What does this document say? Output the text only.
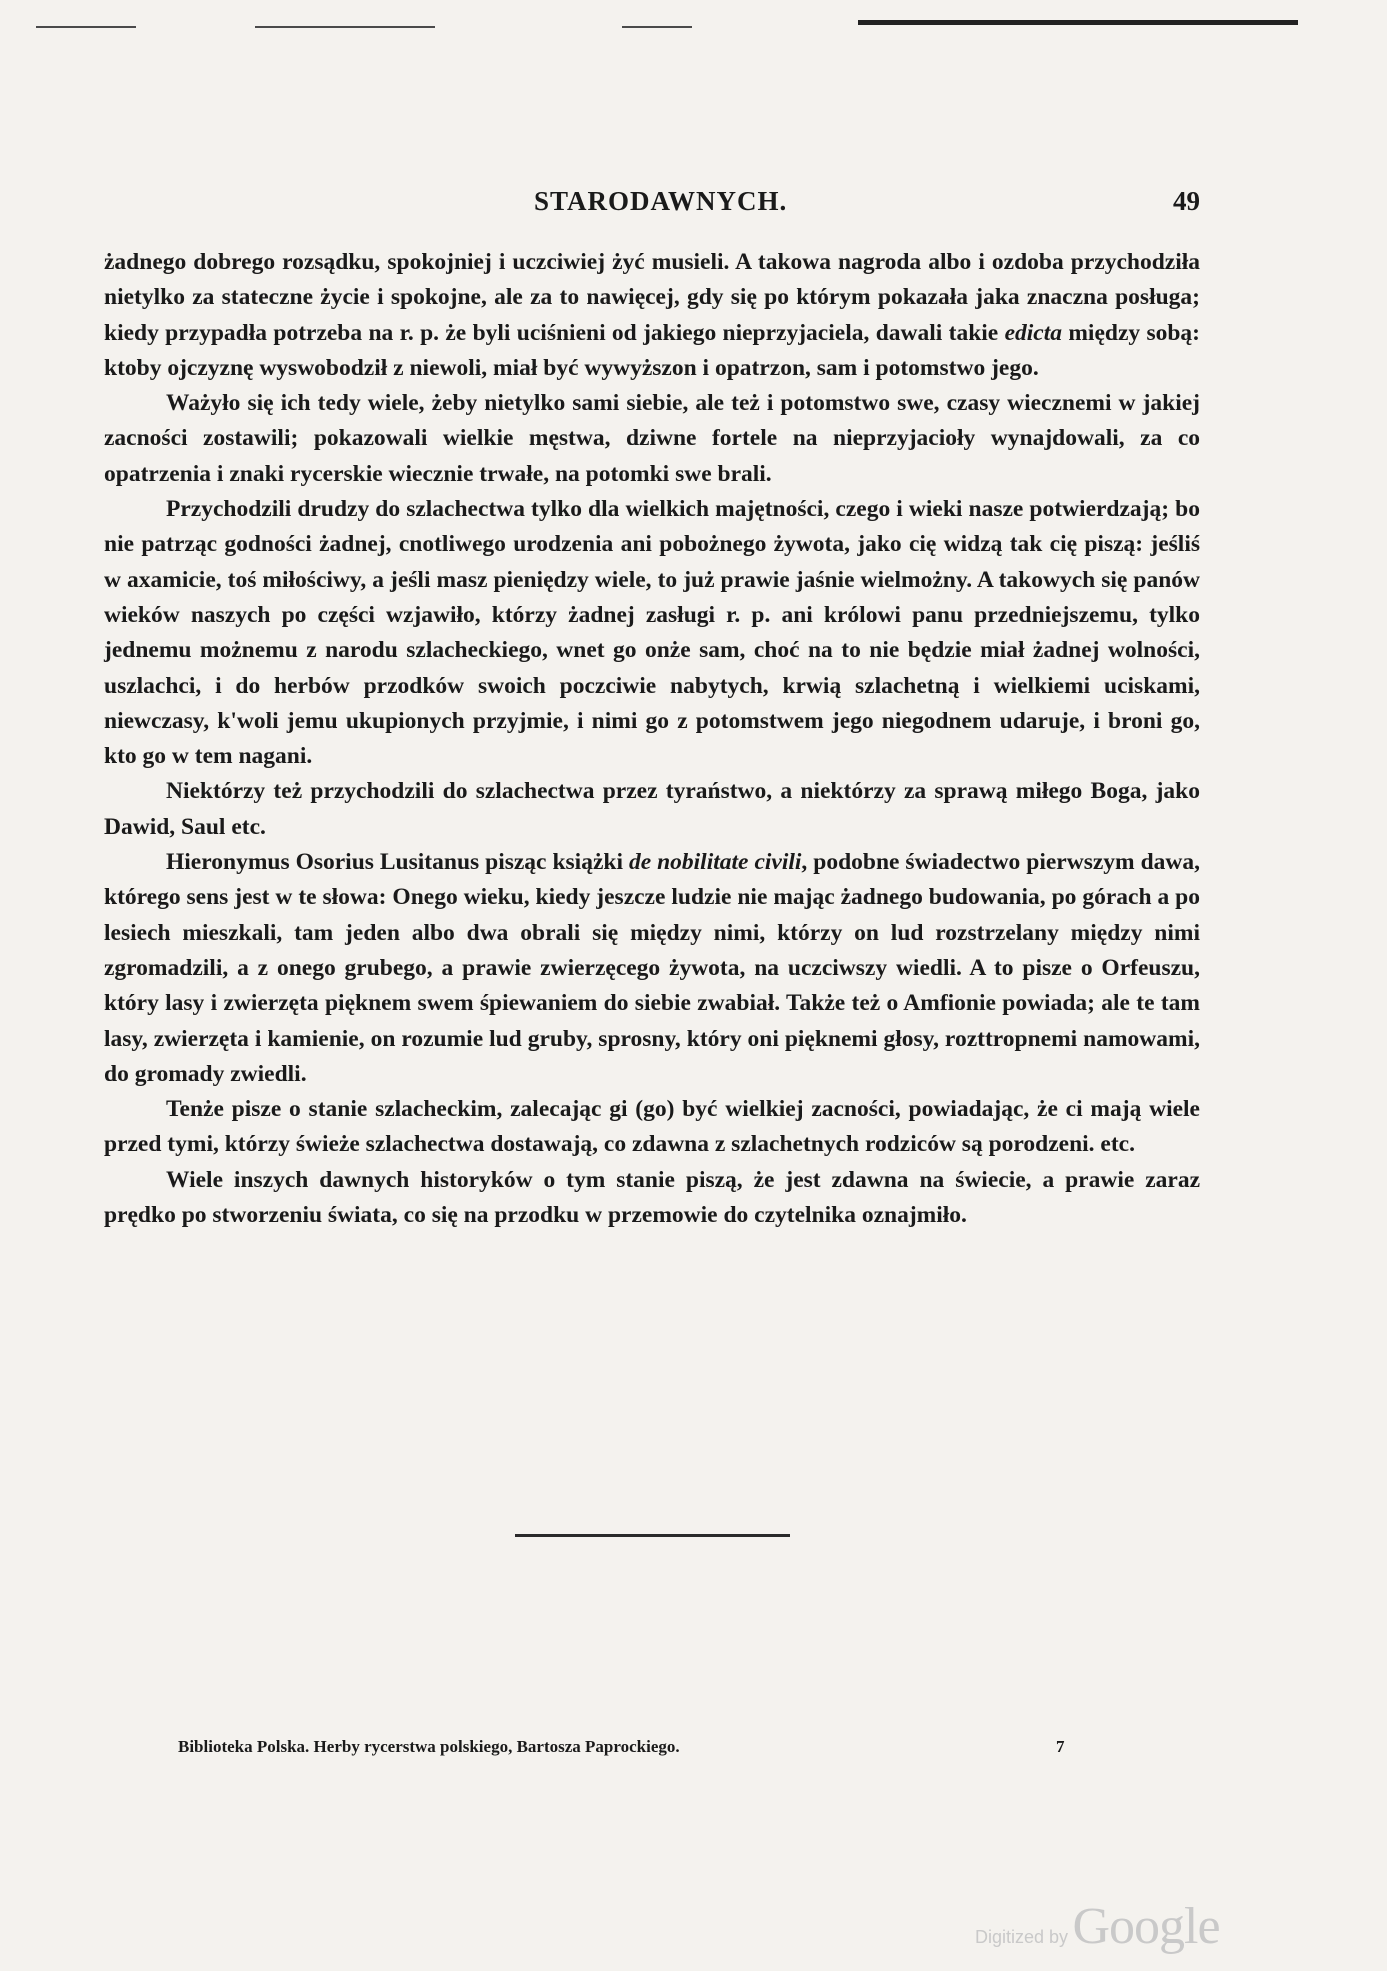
STARODAWNYCH.	49

żadnego dobrego rozsądku, spokojniej i uczciwiej żyć musieli. A takowa nagroda albo i ozdoba przychodziła nietylko za stateczne życie i spokojne, ale za to nawięcej, gdy się po którym pokazała jaka znaczna posługa; kiedy przypadła potrzeba na r. p. że byli uciśnieni od jakiego nieprzyjaciela, dawali takie edicta między sobą: ktoby ojczyznę wyswobodził z niewoli, miał być wywyższon i opatrzon, sam i potomstwo jego.

Ważyło się ich tedy wiele, żeby nietylko sami siebie, ale też i potomstwo swe, czasy wiecznemi w jakiej zacności zostawili; pokazowali wielkie męstwa, dziwne fortele na nieprzyjacioły wynajdowali, za co opatrzenia i znaki rycerskie wiecznie trwałe, na potomki swe brali.

Przychodzili drudzy do szlachectwa tylko dla wielkich majętności, czego i wieki nasze potwierdzają; bo nie patrząc godności żadnej, cnotliwego urodzenia ani pobożnego żywota, jako cię widzą tak cię piszą: jeśliś w axamicie, toś miłościwy, a jeśli masz pieniędzy wiele, to już prawie jaśnie wielmożny. A takowych się panów wieków naszych po części wzjawiło, którzy żadnej zasługi r. p. ani królowi panu przedniejszemu, tylko jednemu możnemu z narodu szlacheckiego, wnet go onże sam, choć na to nie będzie miał żadnej wolności, uszlachci, i do herbów przodków swoich poczciwie nabytych, krwią szlachetną i wielkiemi uciskami, niewczasy, k'woli jemu ukupionych przyjmie, i nimi go z potomstwem jego niegodnem udaruje, i broni go, kto go w tem nagani.

Niektórzy też przychodzili do szlachectwa przez tyraństwo, a niektórzy za sprawą miłego Boga, jako Dawid, Saul etc.

Hieronymus Osorius Lusitanus pisząc książki de nobilitate civili, podobne świadectwo pierwszym dawa, którego sens jest w te słowa: Onego wieku, kiedy jeszcze ludzie nie mając żadnego budowania, po górach a po lesiech mieszkali, tam jeden albo dwa obrali się między nimi, którzy on lud rozstrzelany między nimi zgromadzili, a z onego grubego, a prawie zwierzęcego żywota, na uczciwszy wiedli. A to pisze o Orfeuszu, który lasy i zwierzęta pięknem swem śpiewaniem do siebie zwabiał. Także też o Amfionie powiada; ale te tam lasy, zwierzęta i kamienie, on rozumie lud gruby, sprosny, który oni pięknemi głosy, rozttropnemi namowami, do gromady zwiedli.

Tenże pisze o stanie szlacheckim, zalecając gi (go) być wielkiej zacności, powiadając, że ci mają wiele przed tymi, którzy świeże szlachectwa dostawają, co zdawna z szlachetnych rodziców są porodzeni. etc.

Wiele inszych dawnych historyków o tym stanie piszą, że jest zdawna na świecie, a prawie zaraz prędko po stworzeniu świata, co się na przodku w przemowie do czytelnika oznajmiło.

Biblioteka Polska. Herby rycerstwa polskiego, Bartosza Paprockiego.	7
Digitized by Google
